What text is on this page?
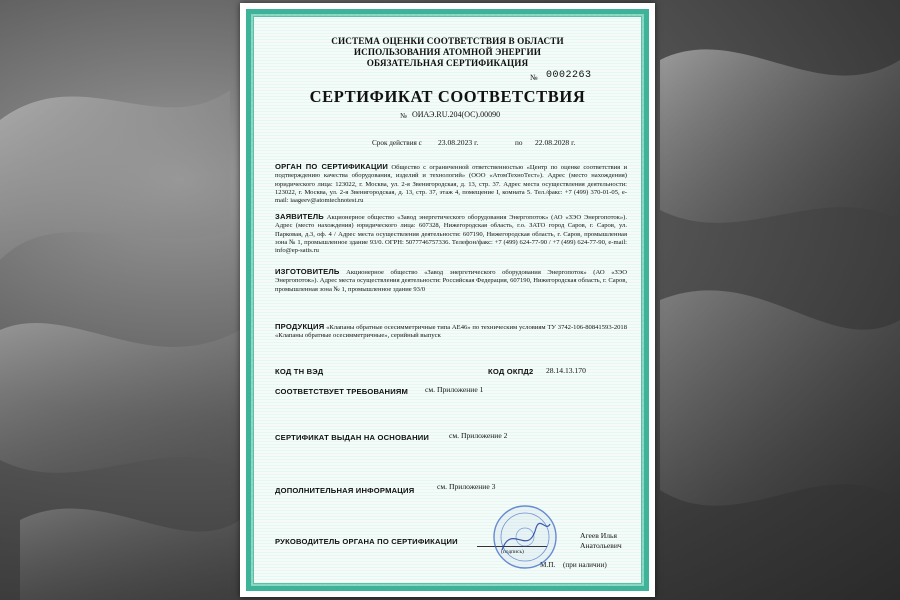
СИСТЕМА ОЦЕНКИ СООТВЕТСТВИЯ В ОБЛАСТИ
ИСПОЛЬЗОВАНИЯ АТОМНОЙ ЭНЕРГИИ
ОБЯЗАТЕЛЬНАЯ СЕРТИФИКАЦИЯ
№ 0002263
СЕРТИФИКАТ СООТВЕТСТВИЯ
№ ОИАЭ.RU.204(ОС).00090
Срок действия с 23.08.2023 г.	по 22.08.2028 г.
ОРГАН ПО СЕРТИФИКАЦИИ Общество с ограниченной ответственностью «Центр по оценке соответствия и подтверждению качества оборудования, изделий и технологий» (ООО «АтомТехноТест»). Адрес (место нахождения) юридического лица: 123022, г. Москва, ул. 2-я Звенигородская, д. 13, стр. 37. Адрес места осуществления деятельности: 123022, г. Москва, ул. 2-я Звенигородская, д. 13, стр. 37, этаж 4, помещение I, комната 5. Тел./факс: +7 (499) 370-01-05, e-mail: iaageev@atomtechnotest.ru
ЗАЯВИТЕЛЬ Акционерное общество «Завод энергетического оборудования Энергопоток» (АО «ЗЭО Энергопоток»). Адрес (место нахождения) юридического лица: 607328, Нижегородская область, г.о. ЗАТО город Саров, г. Саров, ул. Парковая, д.3, оф. 4 / Адрес места осуществления деятельности: 607190, Нижегородская область, г. Саров, промышленная зона № 1, промышленное здание 93/0. ОГРН: 5077746757336. Телефон/факс: +7 (499) 624-77-90 / +7 (499) 624-77-90, e-mail: info@ep-satis.ru
ИЗГОТОВИТЕЛЬ Акционерное общество «Завод энергетического оборудования Энергопоток» (АО «ЗЭО Энергопоток»). Адрес места осуществления деятельности: Российская Федерация, 607190, Нижегородская область, г. Саров, промышленная зона № 1, промышленное здание 93/0
ПРОДУКЦИЯ «Клапаны обратные осесимметричные типа АЕ46» по техническим условиям ТУ 3742-106-80841593-2018 «Клапаны обратные осесимметричные», серийный выпуск
КОД ТН ВЭД	КОД ОКПД2 28.14.13.170
СООТВЕТСТВУЕТ ТРЕБОВАНИЯМ см. Приложение 1
СЕРТИФИКАТ ВЫДАН НА ОСНОВАНИИ	см. Приложение 2
ДОПОЛНИТЕЛЬНАЯ ИНФОРМАЦИЯ	см. Приложение 3
РУКОВОДИТЕЛЬ ОРГАНА ПО СЕРТИФИКАЦИИ
Агеев Илья
Анатольевич
М.П. (при наличии)
